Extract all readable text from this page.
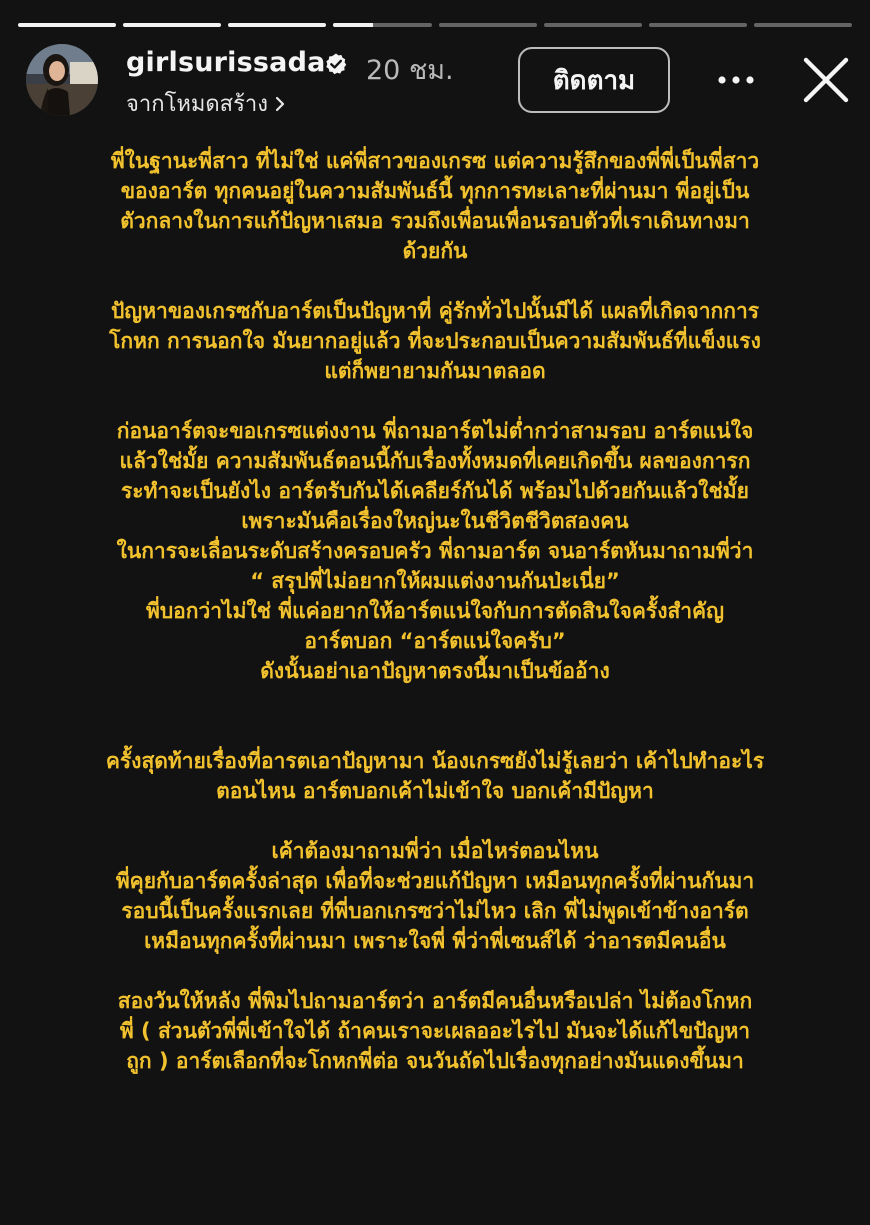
girlsurissada 20 ชม.
จากโหมดสร้าง
ติดตาม
พี่ในฐานะพี่สาว ที่ไม่ใช่ แค่พี่สาวของเกรซ แต่ความรู้สึกของพี่พี่เป็นพี่สาว
ของอาร์ต ทุกคนอยู่ในความสัมพันธ์นี้ ทุกการทะเลาะที่ผ่านมา พี่อยู่เป็น
ตัวกลางในการแก้ปัญหาเสมอ รวมถึงเพื่อนเพื่อนรอบตัวที่เราเดินทางมา
ด้วยกัน
ปัญหาของเกรซกับอาร์ตเป็นปัญหาที่ คู่รักทั่วไปนั้นมีได้ แผลที่เกิดจากการ
โกหก การนอกใจ มันยากอยู่แล้ว ที่จะประกอบเป็นความสัมพันธ์ที่แข็งแรง
แต่ก็พยายามกันมาตลอด
ก่อนอาร์ตจะขอเกรซแต่งงาน พี่ถามอาร์ตไม่ต่ำกว่าสามรอบ อาร์ตแน่ใจ
แล้วใช่มั้ย ความสัมพันธ์ตอนนี้กับเรื่องทั้งหมดที่เคยเกิดขึ้น ผลของการก
ระทำจะเป็นยังไง อาร์ตรับกันได้เคลียร์กันได้ พร้อมไปด้วยกันแล้วใช่มั้ย
เพราะมันคือเรื่องใหญ่นะในชีวิตชีวิตสองคน
ในการจะเลื่อนระดับสร้างครอบครัว พี่ถามอาร์ต จนอาร์ตหันมาถามพี่ว่า
“ สรุปพี่ไม่อยากให้ผมแต่งงานกันป่ะเนี่ย”
พี่บอกว่าไม่ใช่ พี่แค่อยากให้อาร์ตแน่ใจกับการตัดสินใจครั้งสำคัญ
อาร์ตบอก “อาร์ตแน่ใจครับ”
ดังนั้นอย่าเอาปัญหาตรงนี้มาเป็นข้ออ้าง
ครั้งสุดท้ายเรื่องที่อารตเอาปัญหามา น้องเกรซยังไม่รู้เลยว่า เค้าไปทำอะไร
ตอนไหน อาร์ตบอกเค้าไม่เข้าใจ บอกเค้ามีปัญหา
เค้าต้องมาถามพี่ว่า เมื่อไหร่ตอนไหน
พี่คุยกับอาร์ตครั้งล่าสุด เพื่อที่จะช่วยแก้ปัญหา เหมือนทุกครั้งที่ผ่านกันมา
รอบนี้เป็นครั้งแรกเลย ที่พี่บอกเกรซว่าไม่ไหว เลิก พี่ไม่พูดเข้าข้างอาร์ต
เหมือนทุกครั้งที่ผ่านมา เพราะใจพี่ พี่ว่าพี่เซนส์ได้ ว่าอารตมีคนอื่น
สองวันให้หลัง พี่พิมไปถามอาร์ตว่า อาร์ตมีคนอื่นหรือเปล่า ไม่ต้องโกหก
พี่ ( ส่วนตัวพี่พี่เข้าใจได้ ถ้าคนเราจะเผลออะไรไป มันจะได้แก้ไขปัญหา
ถูก ) อาร์ตเลือกที่จะโกหกพี่ต่อ จนวันถัดไปเรื่องทุกอย่างมันแดงขึ้นมา
